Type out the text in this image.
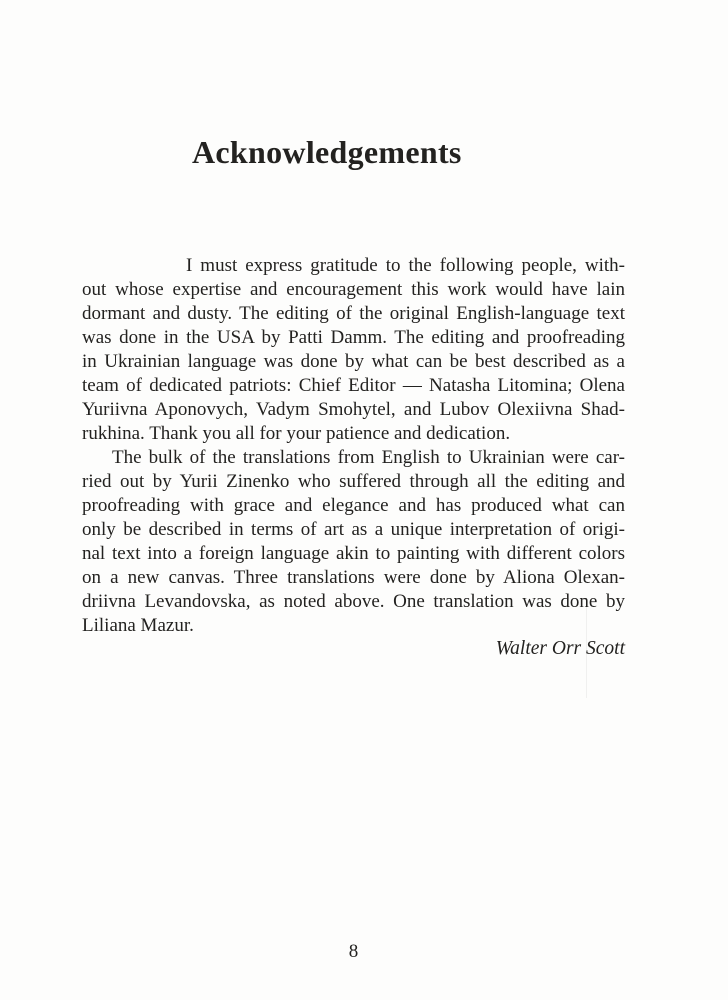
Acknowledgements
I must express gratitude to the following people, with-
out whose expertise and encouragement this work would have lain
dormant and dusty. The editing of the original English-language text
was done in the USA by Patti Damm. The editing and proofreading
in Ukrainian language was done by what can be best described as a
team of dedicated patriots: Chief Editor — Natasha Litomina; Olena
Yuriivna Aponovych, Vadym Smohytel, and Lubov Olexiivna Shad-
rukhina. Thank you all for your patience and dedication.
The bulk of the translations from English to Ukrainian were car-
ried out by Yurii Zinenko who suffered through all the editing and
proofreading with grace and elegance and has produced what can
only be described in terms of art as a unique interpretation of origi-
nal text into a foreign language akin to painting with different colors
on a new canvas. Three translations were done by Aliona Olexan-
driivna Levandovska, as noted above. One translation was done by
Liliana Mazur.
Walter Orr Scott
8
